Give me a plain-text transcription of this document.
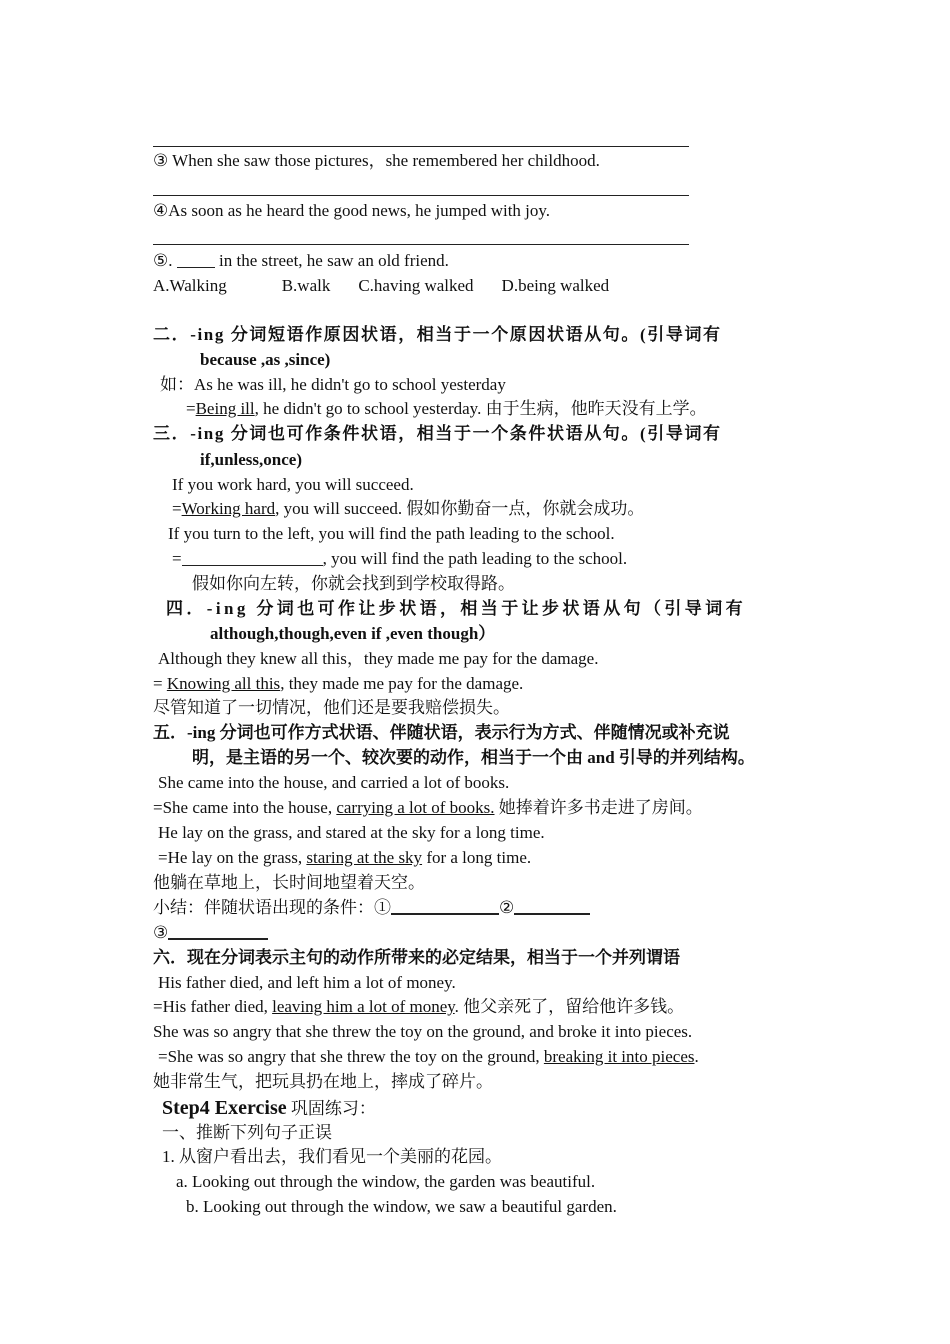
③ When she saw those pictures，she remembered her childhood.
④As soon as he heard the good news, he jumped with joy.
⑤.  in the street, he saw an old friend.
A.Walking	B.walk C.having walked D.being walked
二．-ing 分词短语作原因状语，相当于一个原因状语从句。(引导词有
because ,as ,since)
如：As he was ill, he didn't go to school yesterday
=Being ill, he didn't go to school yesterday. 由于生病，他昨天没有上学。
三．-ing 分词也可作条件状语，相当于一个条件状语从句。(引导词有
if,unless,once)
If you work hard, you will succeed.
=Working hard, you will succeed. 假如你勤奋一点，你就会成功。
If you turn to the left, you will find the path leading to the school.
=	, you will find the path leading to the school.
假如你向左转，你就会找到到学校取得路。
四．-ing 分词也可作让步状语，相当于让步状语从句（引导词有
although,though,even if ,even though）
Although they knew all this，they made me pay for the damage.
= Knowing all this, they made me pay for the damage.
尽管知道了一切情况，他们还是要我赔偿损失。
五．-ing 分词也可作方式状语、伴随状语，表示行为方式、伴随情况或补充说
明，是主语的另一个、较次要的动作，相当于一个由 and 引导的并列结构。
She came into the house, and carried a lot of books.
=She came into the house, carrying a lot of books. 她捧着许多书走进了房间。
He lay on the grass, and stared at the sky for a long time.
=He lay on the grass, staring at the sky for a long time.
他躺在草地上，长时间地望着天空。
小结：伴随状语出现的条件：①	②
③
六．现在分词表示主句的动作所带来的必定结果，相当于一个并列谓语
His father died, and left him a lot of money.
=His father died, leaving him a lot of money. 他父亲死了，留给他许多钱。
She was so angry that she threw the toy on the ground, and broke it into pieces.
=She was so angry that she threw the toy on the ground, breaking it into pieces.
她非常生气，把玩具扔在地上，摔成了碎片。
Step4 Exercise 巩固练习：
一、推断下列句子正误
1. 从窗户看出去，我们看见一个美丽的花园。
a. Looking out through the window, the garden was beautiful.
b. Looking out through the window, we saw a beautiful garden.
